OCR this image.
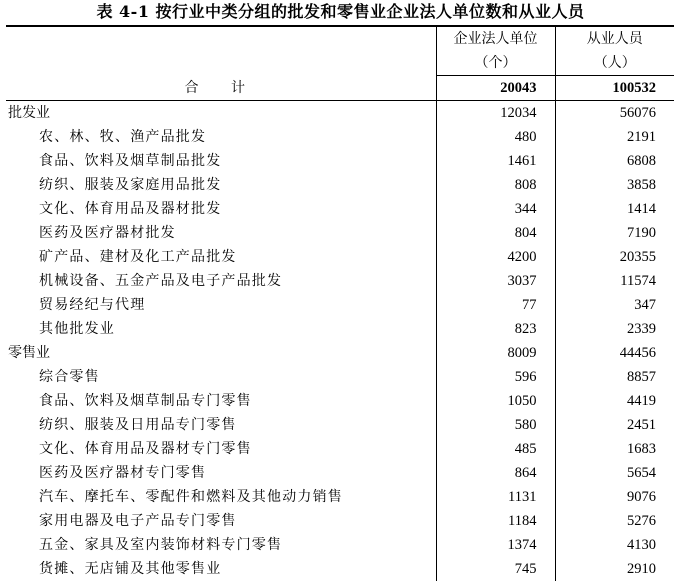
表 4-1 按行业中类分组的批发和零售业企业法人单位数和从业人员
	企业法人单位	从业人员
	（个）	（人）
合 计	20043	100532
批发业	12034	56076
农、林、牧、渔产品批发	480	2191
食品、饮料及烟草制品批发	1461	6808
纺织、服装及家庭用品批发	808	3858
文化、体育用品及器材批发	344	1414
医药及医疗器材批发	804	7190
矿产品、建材及化工产品批发	4200	20355
机械设备、五金产品及电子产品批发	3037	11574
贸易经纪与代理	77	347
其他批发业	823	2339
零售业	8009	44456
综合零售	596	8857
食品、饮料及烟草制品专门零售	1050	4419
纺织、服装及日用品专门零售	580	2451
文化、体育用品及器材专门零售	485	1683
医药及医疗器材专门零售	864	5654
汽车、摩托车、零配件和燃料及其他动力销售	1131	9076
家用电器及电子产品专门零售	1184	5276
五金、家具及室内装饰材料专门零售	1374	4130
货摊、无店铺及其他零售业	745	2910
